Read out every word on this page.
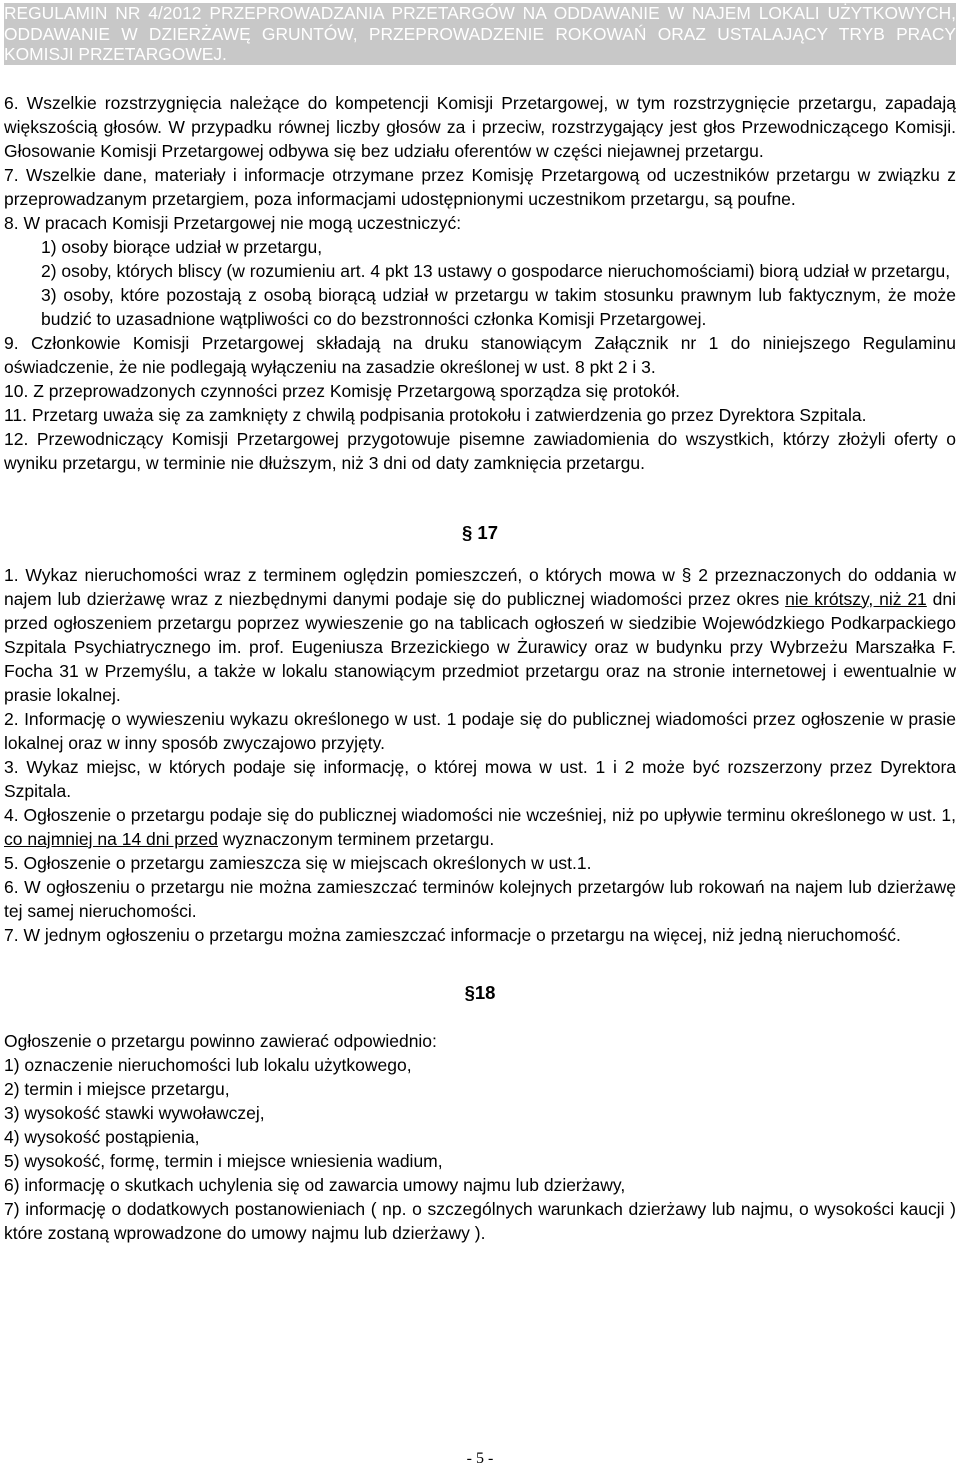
REGULAMIN NR 4/2012 PRZEPROWADZANIA PRZETARGÓW NA ODDAWANIE W NAJEM LOKALI UŻYTKOWYCH, ODDAWANIE W DZIERŻAWĘ GRUNTÓW, PRZEPROWADZENIE ROKOWAŃ ORAZ USTALAJĄCY TRYB PRACY KOMISJI PRZETARGOWEJ.

6. Wszelkie rozstrzygnięcia należące do kompetencji Komisji Przetargowej, w tym rozstrzygnięcie przetargu, zapadają większością głosów. W przypadku równej liczby głosów za i przeciw, rozstrzygający jest głos Przewodniczącego Komisji. Głosowanie Komisji Przetargowej odbywa się bez udziału oferentów w części niejawnej przetargu.

7. Wszelkie dane, materiały i informacje otrzymane przez Komisję Przetargową od uczestników przetargu w związku z przeprowadzanym przetargiem, poza informacjami udostępnionymi uczestnikom przetargu, są poufne.

8. W pracach Komisji Przetargowej nie mogą uczestniczyć:

1) osoby biorące udział w przetargu,
2) osoby, których bliscy (w rozumieniu art. 4 pkt 13 ustawy o gospodarce nieruchomościami) biorą udział w przetargu,
3) osoby, które pozostają z osobą biorącą udział w przetargu w takim stosunku prawnym lub faktycznym, że może budzić to uzasadnione wątpliwości co do bezstronności członka Komisji Przetargowej.

9. Członkowie Komisji Przetargowej składają na druku stanowiącym Załącznik nr 1 do niniejszego Regulaminu oświadczenie, że nie podlegają wyłączeniu na zasadzie określonej w ust. 8 pkt 2 i 3.

10. Z przeprowadzonych czynności przez Komisję Przetargową sporządza się protokół.

11. Przetarg uważa się za zamknięty z chwilą podpisania protokołu i zatwierdzenia go przez Dyrektora Szpitala.

12. Przewodniczący Komisji Przetargowej przygotowuje pisemne zawiadomienia do wszystkich, którzy złożyli oferty o wyniku przetargu, w terminie nie dłuższym, niż 3 dni od daty zamknięcia przetargu.

§ 17

1. Wykaz nieruchomości wraz z terminem oględzin pomieszczeń, o których mowa w § 2 przeznaczonych do oddania w najem lub dzierżawę wraz z niezbędnymi danymi podaje się do publicznej wiadomości przez okres nie krótszy, niż 21 dni przed ogłoszeniem przetargu poprzez wywieszenie go na tablicach ogłoszeń w siedzibie Wojewódzkiego Podkarpackiego Szpitala Psychiatrycznego im. prof. Eugeniusza Brzezickiego w Żurawicy oraz w budynku przy Wybrzeżu Marszałka F. Focha 31 w Przemyślu, a także w lokalu stanowiącym przedmiot przetargu oraz na stronie internetowej i ewentualnie w prasie lokalnej.

2. Informację o wywieszeniu wykazu określonego w ust. 1 podaje się do publicznej wiadomości przez ogłoszenie w prasie lokalnej oraz w inny sposób zwyczajowo przyjęty.

3. Wykaz miejsc, w których podaje się informację, o której mowa w ust. 1 i 2 może być rozszerzony przez Dyrektora Szpitala.

4. Ogłoszenie o przetargu podaje się do publicznej wiadomości nie wcześniej, niż po upływie terminu określonego w ust. 1, co najmniej na 14 dni przed wyznaczonym terminem przetargu.

5. Ogłoszenie o przetargu zamieszcza się w miejscach określonych w ust.1.

6. W ogłoszeniu o przetargu nie można zamieszczać terminów kolejnych przetargów lub rokowań na najem lub dzierżawę tej samej nieruchomości.

7. W jednym ogłoszeniu o przetargu można zamieszczać informacje o przetargu na więcej, niż jedną nieruchomość.

§18

Ogłoszenie o przetargu powinno zawierać odpowiednio:

1) oznaczenie nieruchomości lub lokalu użytkowego,
2) termin i miejsce przetargu,
3) wysokość stawki wywoławczej,
4) wysokość postąpienia,
5) wysokość, formę, termin i miejsce wniesienia wadium,
6) informację o skutkach uchylenia się od zawarcia umowy najmu lub dzierżawy,

7) informację o dodatkowych postanowieniach ( np. o szczególnych warunkach dzierżawy lub najmu, o wysokości kaucji ) które zostaną wprowadzone do umowy najmu lub dzierżawy ).

- 5 -
